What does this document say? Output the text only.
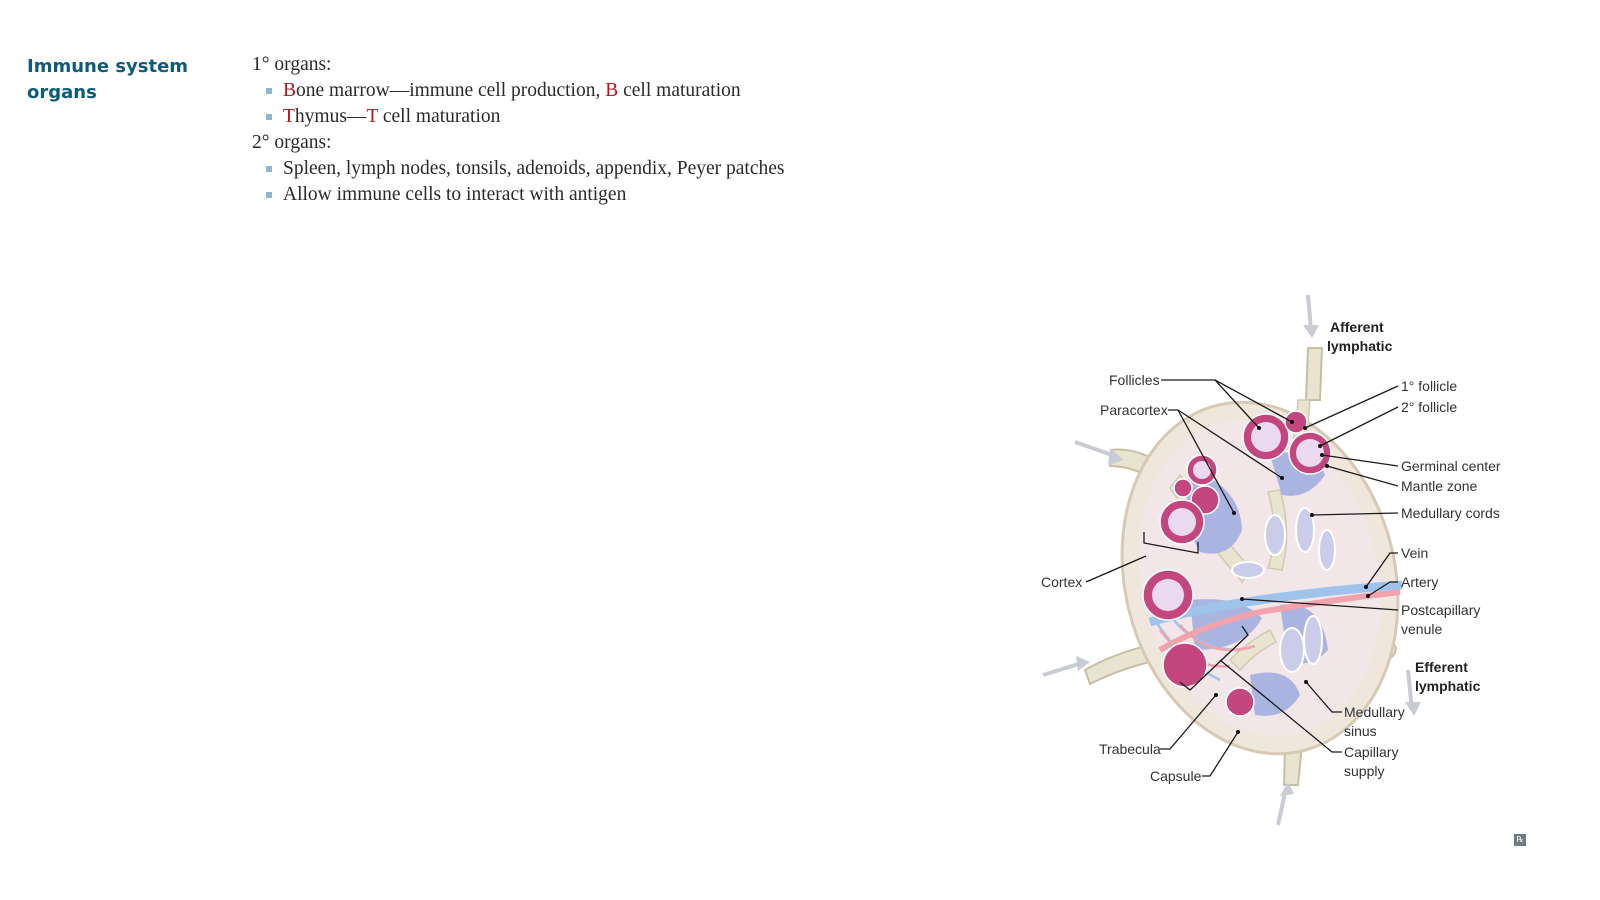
Immune system organs

1° organs:

Bone marrow—immune cell production, B cell maturation

Thymus—T cell maturation

2° organs:

Spleen, lymph nodes, tonsils, adenoids, appendix, Peyer patches

Allow immune cells to interact with antigen

Afferent
lymphatic
Follicles
Paracortex
1° follicle
2° follicle
Germinal center
Mantle zone
Medullary cords
Vein
Artery
Cortex
Postcapillary
venule
Efferent
lymphatic
Medullary
sinus
Capillary
supply
Trabecula
Capsule
℞
